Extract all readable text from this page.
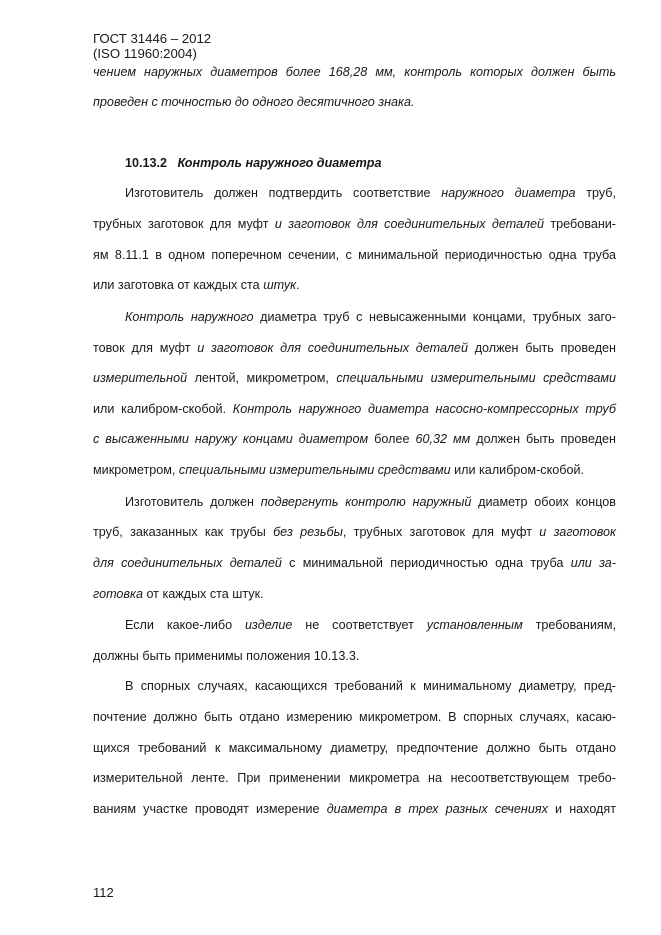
ГОСТ 31446 – 2012
(ISO 11960:2004)
чением наружных диаметров более 168,28 мм, контроль которых должен быть
проведен с точностью до одного десятичного знака.
10.13.2 Контроль наружного диаметра
Изготовитель должен подтвердить соответствие наружного диаметра труб,
трубных заготовок для муфт и заготовок для соединительных деталей требовани-
ям 8.11.1 в одном поперечном сечении, с минимальной периодичностью одна труба
или заготовка от каждых ста штук.
Контроль наружного диаметра труб с невысаженными концами, трубных заго-
товок для муфт и заготовок для соединительных деталей должен быть проведен
измерительной лентой, микрометром, специальными измерительными средствами
или калибром-скобой. Контроль наружного диаметра насосно-компрессорных труб
с высаженными наружу концами диаметром более 60,32 мм должен быть проведен
микрометром, специальными измерительными средствами или калибром-скобой.
Изготовитель должен подвергнуть контролю наружный диаметр обоих концов
труб, заказанных как трубы без резьбы, трубных заготовок для муфт и заготовок
для соединительных деталей с минимальной периодичностью одна труба или за-
готовка от каждых ста штук.
Если какое-либо изделие не соответствует установленным требованиям,
должны быть применимы положения 10.13.3.
В спорных случаях, касающихся требований к минимальному диаметру, пред-
почтение должно быть отдано измерению микрометром. В спорных случаях, касаю-
щихся требований к максимальному диаметру, предпочтение должно быть отдано
измерительной ленте. При применении микрометра на несоответствующем требо-
ваниям участке проводят измерение диаметра в трех разных сечениях и находят
112
